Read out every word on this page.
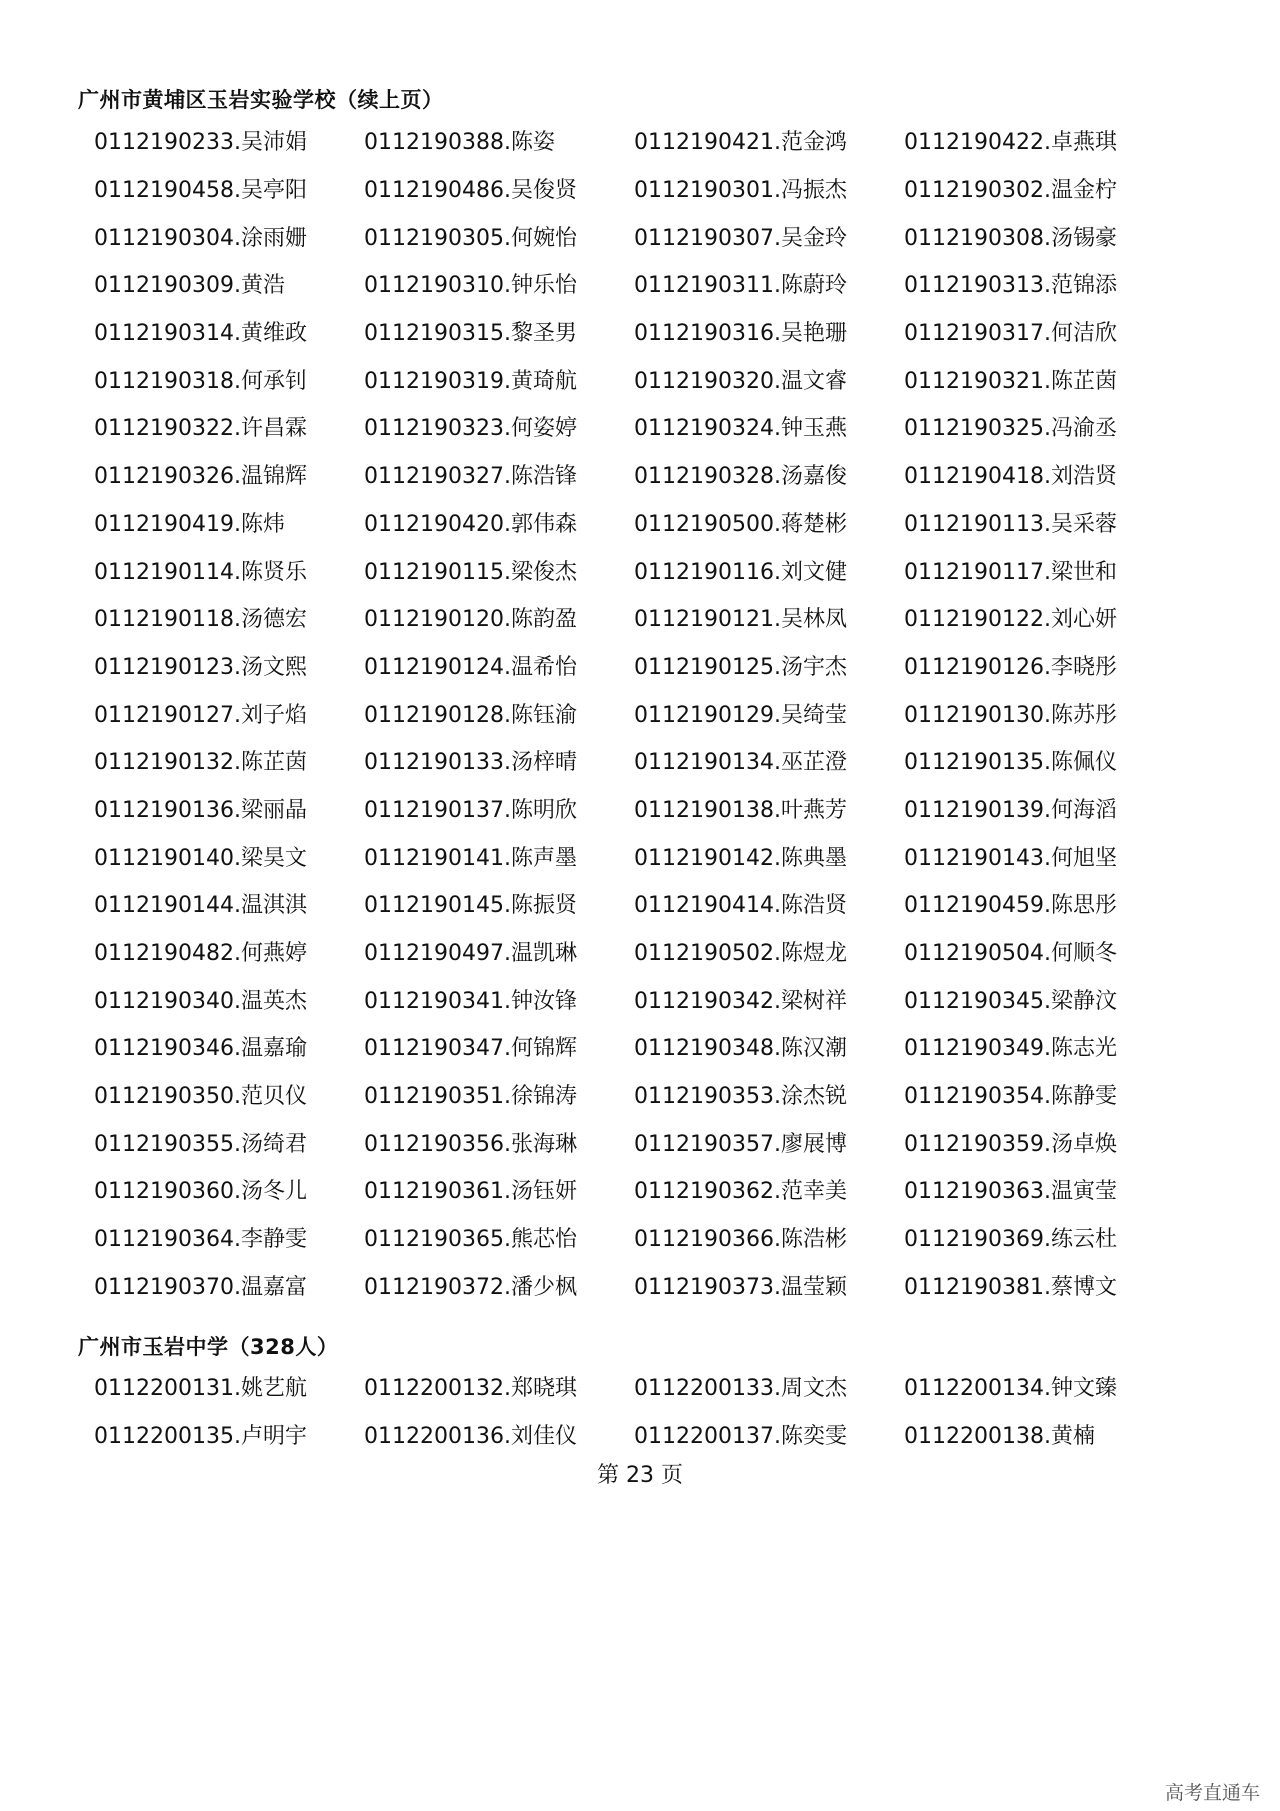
广州市黄埔区玉岩实验学校（续上页）
0112190233.吴沛娟	0112190388.陈姿	0112190421.范金鸿	0112190422.卓燕琪
0112190458.吴亭阳	0112190486.吴俊贤	0112190301.冯振杰	0112190302.温金柠
0112190304.涂雨姗	0112190305.何婉怡	0112190307.吴金玲	0112190308.汤锡豪
0112190309.黄浩	0112190310.钟乐怡	0112190311.陈蔚玲	0112190313.范锦添
0112190314.黄维政	0112190315.黎圣男	0112190316.吴艳珊	0112190317.何洁欣
0112190318.何承钊	0112190319.黄琦航	0112190320.温文睿	0112190321.陈芷茵
0112190322.许昌霖	0112190323.何姿婷	0112190324.钟玉燕	0112190325.冯渝丞
0112190326.温锦辉	0112190327.陈浩锋	0112190328.汤嘉俊	0112190418.刘浩贤
0112190419.陈炜	0112190420.郭伟森	0112190500.蒋楚彬	0112190113.吴采蓉
0112190114.陈贤乐	0112190115.梁俊杰	0112190116.刘文健	0112190117.梁世和
0112190118.汤德宏	0112190120.陈韵盈	0112190121.吴林凤	0112190122.刘心妍
0112190123.汤文熙	0112190124.温希怡	0112190125.汤宇杰	0112190126.李晓彤
0112190127.刘子焰	0112190128.陈钰渝	0112190129.吴绮莹	0112190130.陈苏彤
0112190132.陈芷茵	0112190133.汤梓晴	0112190134.巫芷澄	0112190135.陈佩仪
0112190136.梁丽晶	0112190137.陈明欣	0112190138.叶燕芳	0112190139.何海滔
0112190140.梁昊文	0112190141.陈声墨	0112190142.陈典墨	0112190143.何旭坚
0112190144.温淇淇	0112190145.陈振贤	0112190414.陈浩贤	0112190459.陈思彤
0112190482.何燕婷	0112190497.温凯琳	0112190502.陈煜龙	0112190504.何顺冬
0112190340.温英杰	0112190341.钟汝锋	0112190342.梁树祥	0112190345.梁静汶
0112190346.温嘉瑜	0112190347.何锦辉	0112190348.陈汉潮	0112190349.陈志光
0112190350.范贝仪	0112190351.徐锦涛	0112190353.涂杰锐	0112190354.陈静雯
0112190355.汤绮君	0112190356.张海琳	0112190357.廖展博	0112190359.汤卓焕
0112190360.汤冬儿	0112190361.汤钰妍	0112190362.范幸美	0112190363.温寅莹
0112190364.李静雯	0112190365.熊芯怡	0112190366.陈浩彬	0112190369.练云杜
0112190370.温嘉富	0112190372.潘少枫	0112190373.温莹颖	0112190381.蔡博文
广州市玉岩中学（328人）
0112200131.姚艺航	0112200132.郑晓琪	0112200133.周文杰	0112200134.钟文臻
0112200135.卢明宇	0112200136.刘佳仪	0112200137.陈奕雯	0112200138.黄楠
第 23 页
高考直通车
